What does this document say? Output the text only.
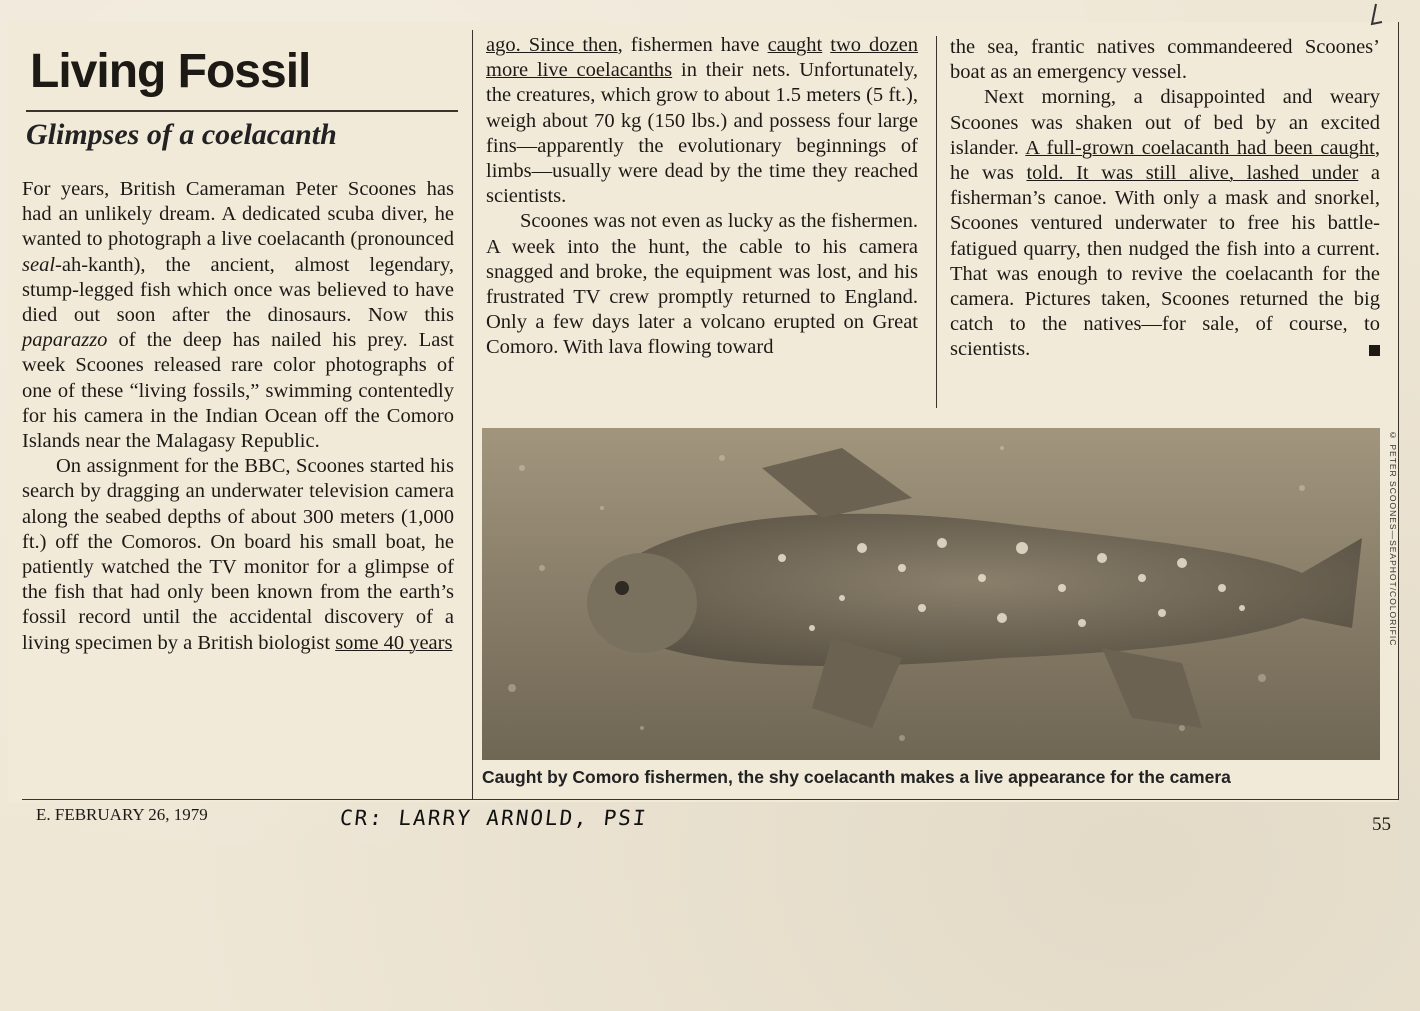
Living Fossil
Glimpses of a coelacanth

For years, British Cameraman Peter Scoones has had an unlikely dream. A dedicated scuba diver, he wanted to photograph a live coelacanth (pronounced seal-ah-kanth), the ancient, almost legendary, stump-legged fish which once was believed to have died out soon after the dinosaurs. Now this paparazzo of the deep has nailed his prey. Last week Scoones released rare color photographs of one of these “living fossils,” swimming contentedly for his camera in the Indian Ocean off the Comoro Islands near the Malagasy Republic.

On assignment for the BBC, Scoones started his search by dragging an underwater television camera along the seabed depths of about 300 meters (1,000 ft.) off the Comoros. On board his small boat, he patiently watched the TV monitor for a glimpse of the fish that had only been known from the earth’s fossil record until the accidental discovery of a living specimen by a British biologist some 40 years

ago. Since then, fishermen have caught two dozen more live coelacanths in their nets. Unfortunately, the creatures, which grow to about 1.5 meters (5 ft.), weigh about 70 kg (150 lbs.) and possess four large fins—apparently the evolutionary beginnings of limbs—usually were dead by the time they reached scientists.

Scoones was not even as lucky as the fishermen. A week into the hunt, the cable to his camera snagged and broke, the equipment was lost, and his frustrated TV crew promptly returned to England. Only a few days later a volcano erupted on Great Comoro. With lava flowing toward

the sea, frantic natives commandeered Scoones’ boat as an emergency vessel.

Next morning, a disappointed and weary Scoones was shaken out of bed by an excited islander. A full-grown coelacanth had been caught, he was told. It was still alive, lashed under a fisherman’s canoe. With only a mask and snorkel, Scoones ventured underwater to free his battle-fatigued quarry, then nudged the fish into a current. That was enough to revive the coelacanth for the camera. Pictures taken, Scoones returned the big catch to the natives—for sale, of course, to scientists.

© PETER SCOONES—SEAPHOT/COLORIFIC
Caught by Comoro fishermen, the shy coelacanth makes a live appearance for the camera
E. FEBRUARY 26, 1979	CR: LARRY ARNOLD, PSI	55
